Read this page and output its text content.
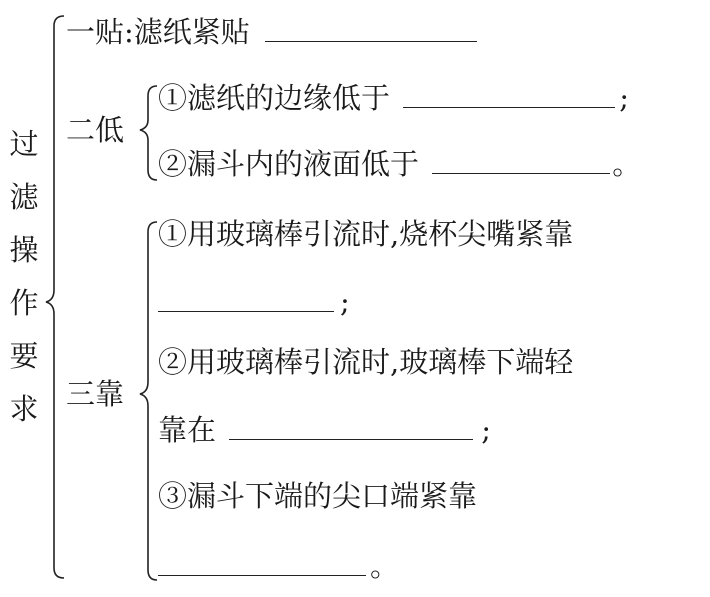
过
滤
操
作
要
求
一贴:滤纸紧贴
二低
①滤纸的边缘低于	;
②漏斗内的液面低于	。
三靠
①用玻璃棒引流时,烧杯尖嘴紧靠
;
②用玻璃棒引流时,玻璃棒下端轻
靠在	;
③漏斗下端的尖口端紧靠
。
